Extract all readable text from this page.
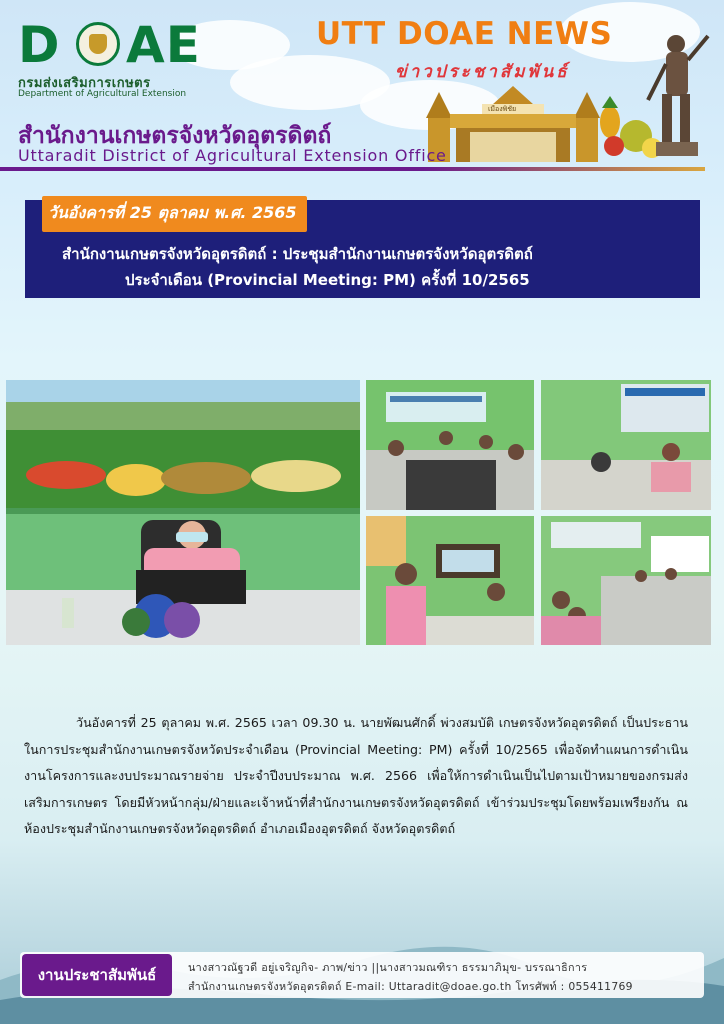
D AE
กรมส่งเสริมการเกษตร
Department of Agricultural Extension
UTT DOAE NEWS
ข่าวประชาสัมพันธ์
เมืองพิชัย
สำนักงานเกษตรจังหวัดอุตรดิตถ์
Uttaradit District of Agricultural Extension Office
วันอังคารที่ 25 ตุลาคม พ.ศ. 2565
สำนักงานเกษตรจังหวัดอุตรดิตถ์ : ประชุมสำนักงานเกษตรจังหวัดอุตรดิตถ์
ประจำเดือน (Provincial Meeting: PM) ครั้งที่ 10/2565

วันอังคารที่ 25 ตุลาคม พ.ศ. 2565 เวลา 09.30 น. นายพัฒนศักดิ์ พ่วงสมบัติ เกษตรจังหวัดอุตรดิตถ์ เป็นประธานในการประชุมสำนักงานเกษตรจังหวัดประจำเดือน (Provincial Meeting: PM) ครั้งที่ 10/2565 เพื่อจัดทำแผนการดำเนินงานโครงการและงบประมาณรายจ่าย ประจำปีงบประมาณ พ.ศ. 2566 เพื่อให้การดำเนินเป็นไปตามเป้าหมายของกรมส่งเสริมการเกษตร โดยมีหัวหน้ากลุ่ม/ฝ่ายและเจ้าหน้าที่สำนักงานเกษตรจังหวัดอุตรดิตถ์ เข้าร่วมประชุมโดยพร้อมเพรียงกัน ณ ห้องประชุมสำนักงานเกษตรจังหวัดอุตรดิตถ์ อำเภอเมืองอุตรดิตถ์ จังหวัดอุตรดิตถ์

งานประชาสัมพันธ์	นางสาวณัฐวดี อยู่เจริญกิจ- ภาพ/ข่าว ||นางสาวมณฑิรา ธรรมาภิมุข- บรรณาธิการ
สำนักงานเกษตรจังหวัดอุตรดิตถ์ E-mail: Uttaradit@doae.go.th โทรศัพท์ : 055411769
